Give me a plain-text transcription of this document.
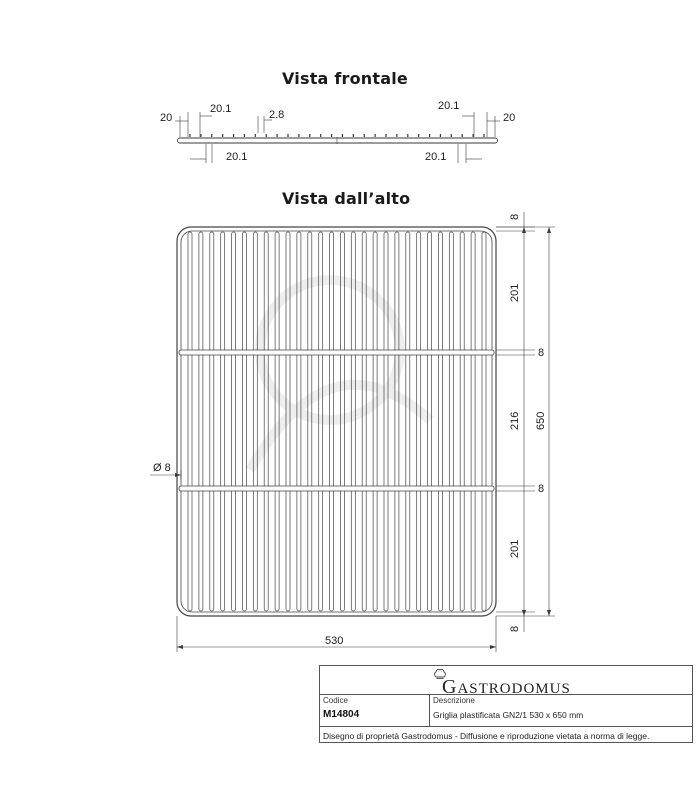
Vista frontale
Vista dall’alto
20
20.1	2.8
20.1
20
20.1	20.1
8
201
8
216
8
201
8
650
530
Ø 8
GASTRODOMUS
Codice
M14804
Descrizione
Griglia plastificata GN2/1 530 x 650 mm
Disegno di proprietà Gastrodomus - Diffusione e riproduzione vietata a norma di legge.
